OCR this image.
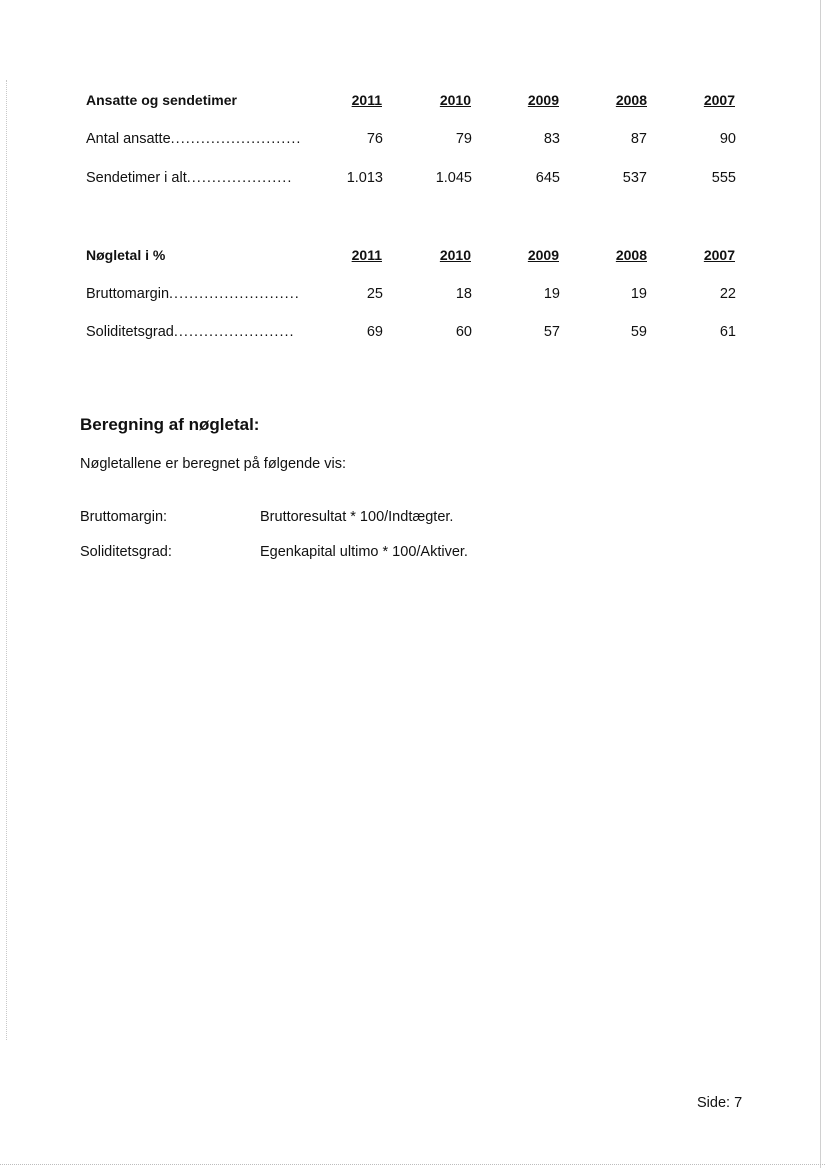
Ansatte og sendetimer	2011	2010	2009	2008	2007
Antal ansatte..........................	76	79	83	87	90
Sendetimer i alt.....................	1.013	1.045	645	537	555
Nøgletal i %	2011	2010	2009	2008	2007
Bruttomargin..........................	25	18	19	19	22
Soliditetsgrad........................	69	60	57	59	61
Beregning af nøgletal:
Nøgletallene er beregnet på følgende vis:
Bruttomargin:	Bruttoresultat * 100/Indtægter.
Soliditetsgrad:	Egenkapital ultimo * 100/Aktiver.
Side: 7
